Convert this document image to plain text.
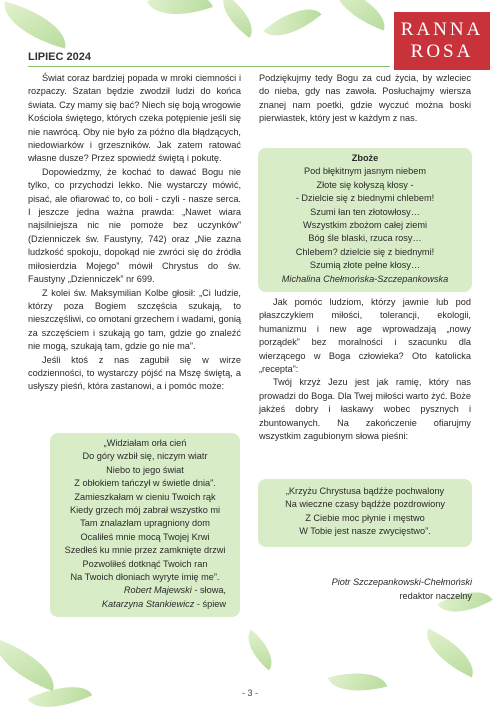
RANNA
ROSA
LIPIEC 2024

Świat coraz bardziej popada w mroki ciemności i rozpaczy. Szatan będzie zwodził ludzi do końca świata. Czy mamy się bać? Niech się boją wrogowie Kościoła świętego, których czeka potępienie jeśli się nie nawrócą. Oby nie było za późno dla błądzących, niedowiarków i grzeszników. Jak zatem ratować własne dusze? Przez spowiedź świętą i pokutę.

Dopowiedzmy, że kochać to dawać Bogu nie tylko, co przychodzi lekko. Nie wystarczy mówić, pisać, ale ofiarować to, co boli - czyli - nasze serca. I jeszcze jedna ważna prawda: „Nawet wiara najsilniejsza nic nie pomoże bez uczynków” (Dzienniczek św. Faustyny, 742) oraz „Nie zazna ludzkość spokoju, dopokąd nie zwróci się do źródła miłosierdzia Mojego” mówił Chrystus do św. Faustyny „Dzienniczek” nr 699.

Z kolei św. Maksymilian Kolbe głosił: „Ci ludzie, którzy poza Bogiem szczęścia szukają, to nieszczęśliwi, co omotani grzechem i wadami, gonią za szczęściem i szukają go tam, gdzie go znaleźć nie mogą, szukają tam, gdzie go nie ma”.

Jeśli ktoś z nas zagubił się w wirze codzienności, to wystarczy pójść na Mszę świętą, a usłyszy pieśń, która zastanowi, a i pomóc może:

„Widziałam orła cień
Do góry wzbił się, niczym wiatr
Niebo to jego świat
Z obłokiem tańczył w świetle dnia”.
Zamieszkałam w cieniu Twoich rąk
Kiedy grzech mój zabrał wszystko mi
Tam znalazłam upragniony dom
Ocaliłeś mnie mocą Twojej Krwi
Szedłeś ku mnie przez zamknięte drzwi
Pozwoliłeś dotknąć Twoich ran
Na Twoich dłoniach wyryte imię me”.
Robert Majewski - słowa,
Katarzyna Stankiewicz - śpiew

Podziękujmy tedy Bogu za cud życia, by wzleciec do nieba, gdy nas zawoła. Posłuchajmy wiersza znanej nam poetki, gdzie wyczuć można boski pierwiastek, który jest w każdym z nas.

Zboże
Pod błękitnym jasnym niebem
Złote się kołyszą kłosy -
- Dzielcie się z biednymi chlebem!
Szumi łan ten złotowłosy…
Wszystkim zbożom całej ziemi
Bóg śle blaski, rzuca rosy…
Chlebem? dzielcie się z biednymi!
Szumią złote pełne kłosy…
Michalina Chełmońska-Szczepankowska

Jak pomóc ludziom, którzy jawnie lub pod płaszczykiem miłości, tolerancji, ekologii, humanizmu i new age wprowadzają „nowy porządek” bez moralności i szacunku dla wierzącego w Boga człowieka? Oto katolicka „recepta”:

Twój krzyż Jezu jest jak ramię, który nas prowadzi do Boga. Dla Twej miłości warto żyć. Boże jakżeś dobry i łaskawy wobec pysznych i zbuntowanych. Na zakończenie ofiarujmy wszystkim zagubionym słowa pieśni:

„Krzyżu Chrystusa bądźże pochwalony
Na wieczne czasy bądźże pozdrowiony
Z Ciebie moc płynie i męstwo
W Tobie jest nasze zwycięstwo”.
Piotr Szczepankowski-Chełmoński
redaktor naczelny
- 3 -
